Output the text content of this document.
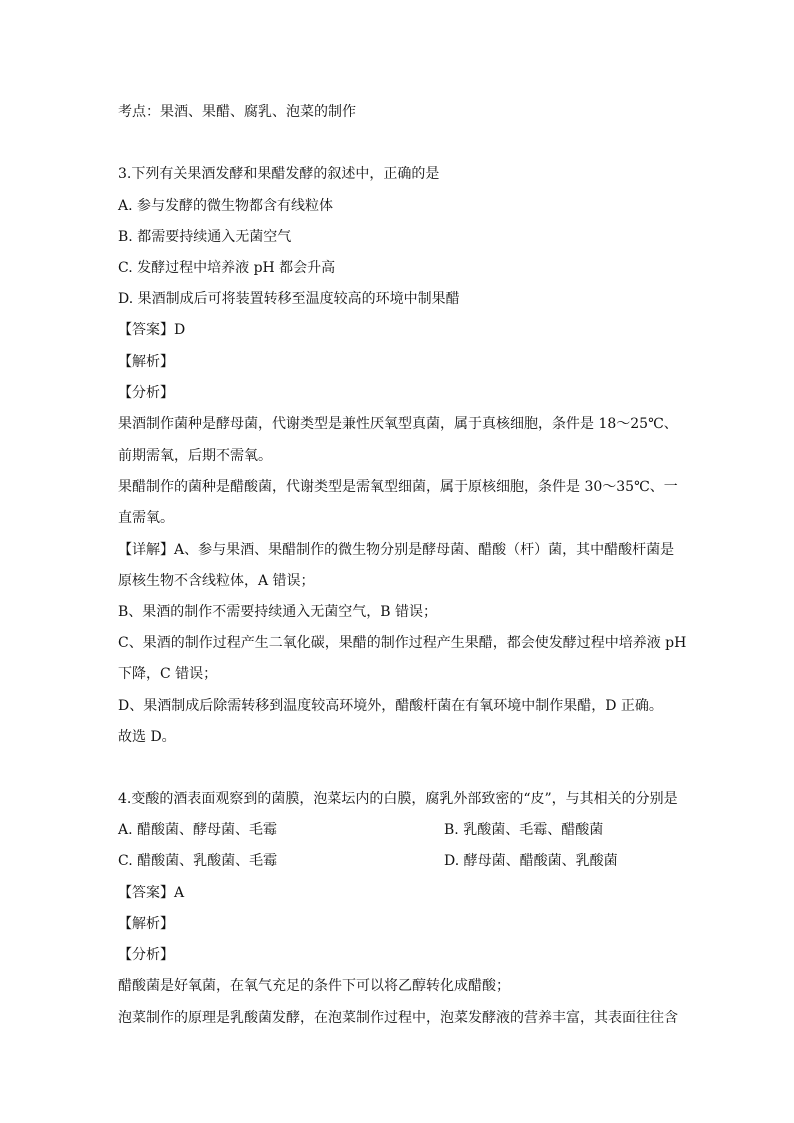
考点：果酒、果醋、腐乳、泡菜的制作
3.下列有关果酒发酵和果醋发酵的叙述中，正确的是
A. 参与发酵的微生物都含有线粒体
B. 都需要持续通入无菌空气
C. 发酵过程中培养液 pH 都会升高
D. 果酒制成后可将装置转移至温度较高的环境中制果醋
【答案】D
【解析】
【分析】
果酒制作菌种是酵母菌，代谢类型是兼性厌氧型真菌，属于真核细胞，条件是 18～25℃、
前期需氧，后期不需氧。
果醋制作的菌种是醋酸菌，代谢类型是需氧型细菌，属于原核细胞，条件是 30～35℃、一
直需氧。
【详解】A、参与果酒、果醋制作的微生物分别是酵母菌、醋酸（杆）菌，其中醋酸杆菌是
原核生物不含线粒体，A 错误；
B、果酒的制作不需要持续通入无菌空气，B 错误；
C、果酒的制作过程产生二氧化碳，果醋的制作过程产生果醋，都会使发酵过程中培养液 pH
下降，C 错误；
D、果酒制成后除需转移到温度较高环境外，醋酸杆菌在有氧环境中制作果醋，D 正确。
故选 D。
4.变酸的酒表面观察到的菌膜，泡菜坛内的白膜，腐乳外部致密的“皮”，与其相关的分别是
A. 醋酸菌、酵母菌、毛霉	B. 乳酸菌、毛霉、醋酸菌
C. 醋酸菌、乳酸菌、毛霉	D. 酵母菌、醋酸菌、乳酸菌
【答案】A
【解析】
【分析】
醋酸菌是好氧菌，在氧气充足的条件下可以将乙醇转化成醋酸；
泡菜制作的原理是乳酸菌发酵，在泡菜制作过程中，泡菜发酵液的营养丰富，其表面往往含
